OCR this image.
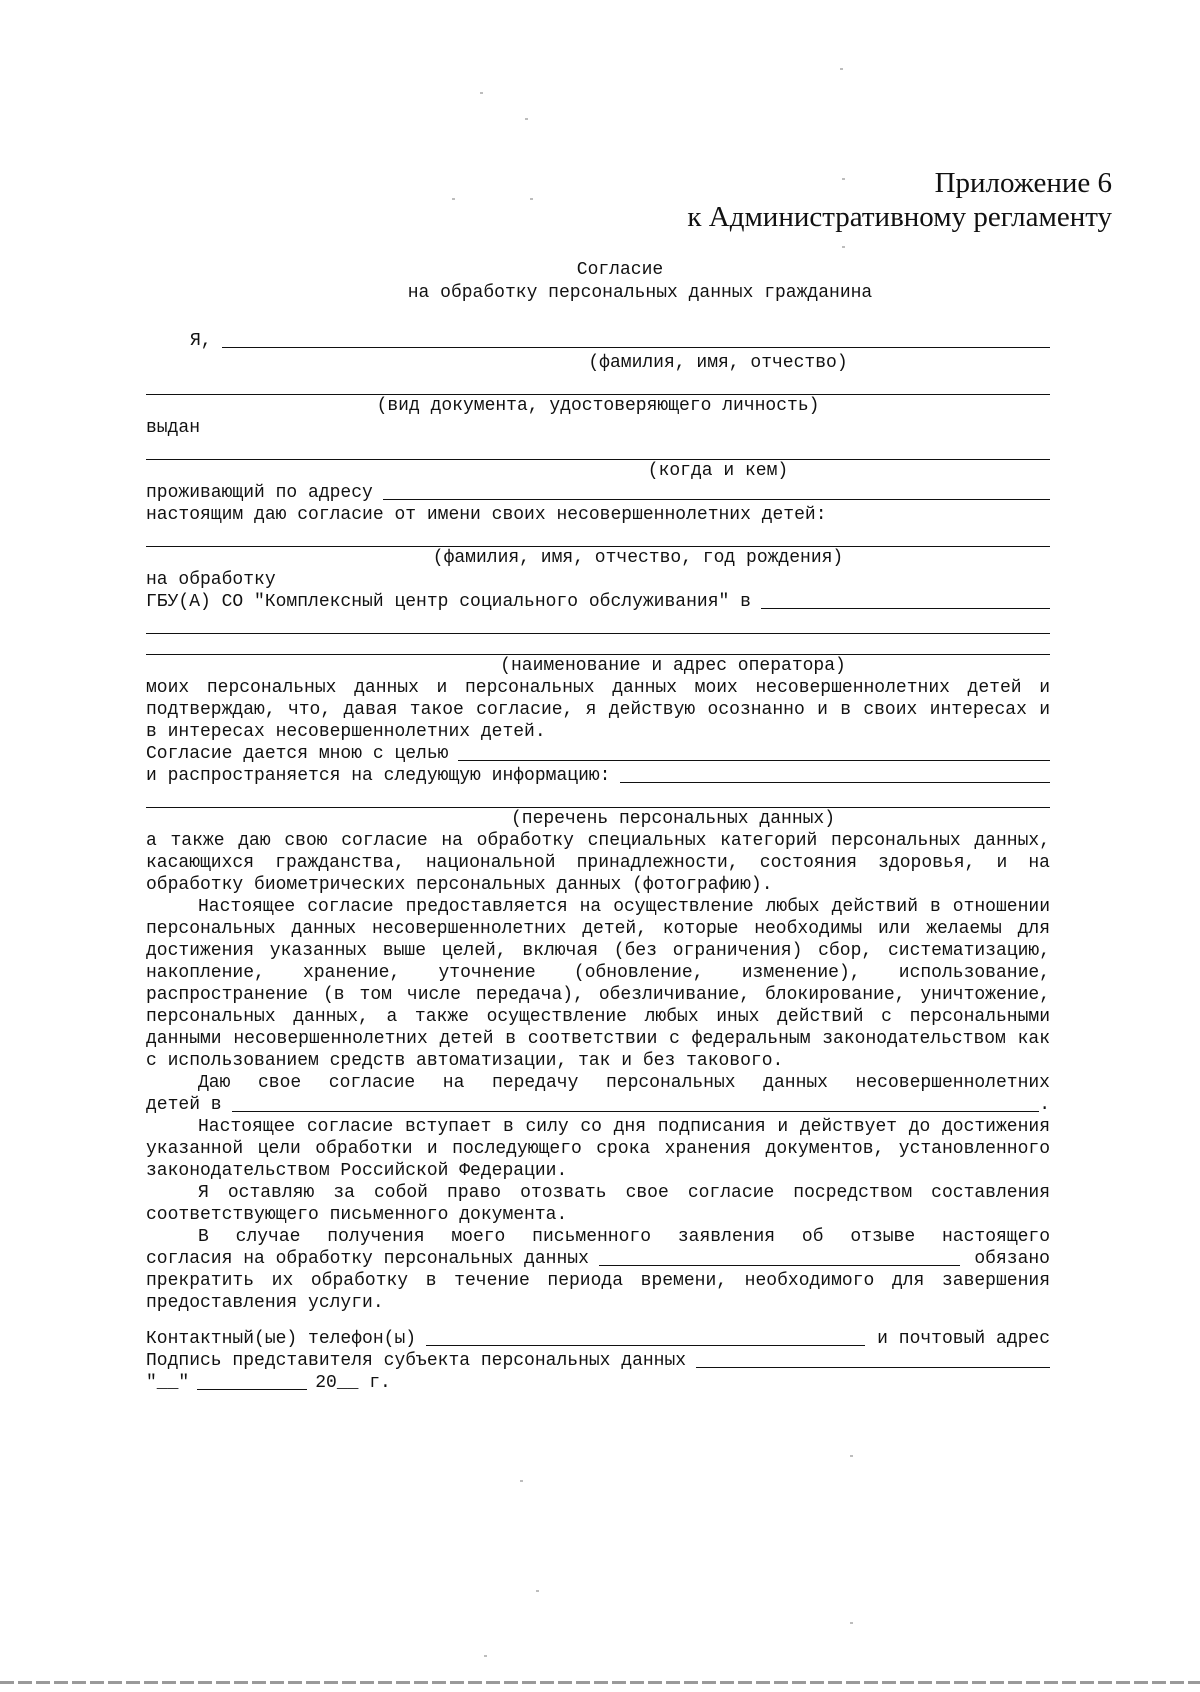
Приложение 6
к Административному регламенту
Согласие
на обработку персональных данных гражданина
Я,
(фамилия, имя, отчество)
(вид документа, удостоверяющего личность)
выдан
(когда и кем)
проживающий по адресу
настоящим даю согласие от имени своих несовершеннолетних детей:
(фамилия, имя, отчество, год рождения)
на обработку
ГБУ(А) СО "Комплексный центр социального обслуживания" в
(наименование и адрес оператора)
моих персональных данных и персональных данных моих несовершеннолетних детей и подтверждаю, что, давая такое согласие, я действую осознанно и в своих интересах и в интересах несовершеннолетних детей.
Согласие дается мною с целью
и распространяется на следующую информацию:
(перечень персональных данных)
а также даю свою согласие на обработку специальных категорий персональных данных, касающихся гражданства, национальной принадлежности, состояния здоровья, и на обработку биометрических персональных данных (фотографию).
Настоящее согласие предоставляется на осуществление любых действий в отношении персональных данных несовершеннолетних детей, которые необходимы или желаемы для достижения указанных выше целей, включая (без ограничения) сбор, систематизацию, накопление, хранение, уточнение (обновление, изменение), использование, распространение (в том числе передача), обезличивание, блокирование, уничтожение, персональных данных, а также осуществление любых иных действий с персональными данными несовершеннолетних детей в соответствии с федеральным законодательством как с использованием средств автоматизации, так и без такового.
Даю свое согласие на передачу персональных данных несовершеннолетних
детей в	.
Настоящее согласие вступает в силу со дня подписания и действует до достижения указанной цели обработки и последующего срока хранения документов, установленного законодательством Российской Федерации.
Я оставляю за собой право отозвать свое согласие посредством составления соответствующего письменного документа.
В случае получения моего письменного заявления об отзыве настоящего
согласия на обработку персональных данных	обязано
прекратить их обработку в течение периода времени, необходимого для завершения предоставления услуги.
Контактный(ые) телефон(ы)	и почтовый адрес
Подпись представителя субъекта персональных данных
"__"	20__ г.
